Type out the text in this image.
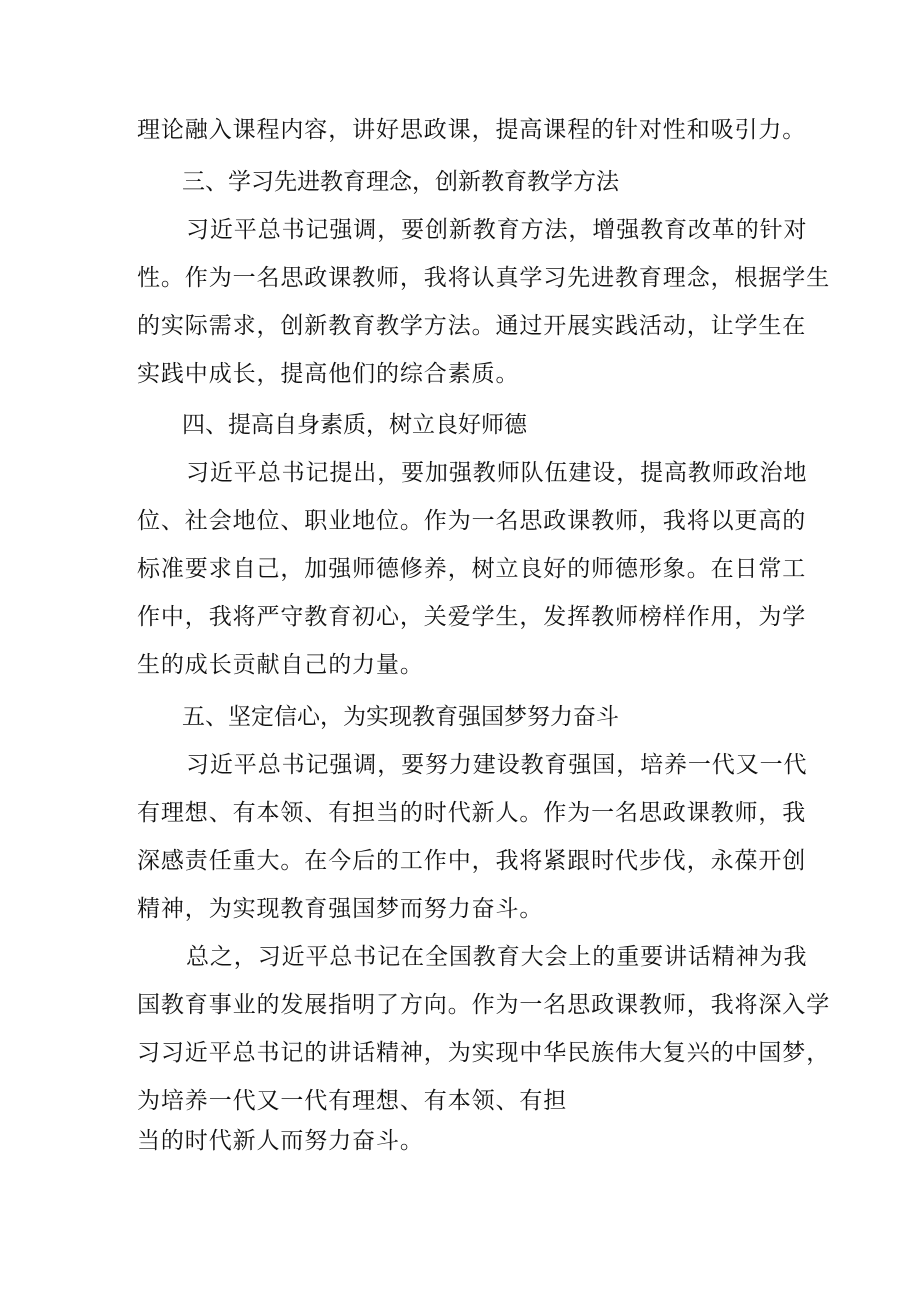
理论融入课程内容，讲好思政课，提高课程的针对性和吸引力。
三、学习先进教育理念，创新教育教学方法
习近平总书记强调，要创新教育方法，增强教育改革的针对
性。作为一名思政课教师，我将认真学习先进教育理念，根据学生
的实际需求，创新教育教学方法。通过开展实践活动，让学生在
实践中成长，提高他们的综合素质。
四、提高自身素质，树立良好师德
习近平总书记提出，要加强教师队伍建设，提高教师政治地
位、社会地位、职业地位。作为一名思政课教师，我将以更高的
标准要求自己，加强师德修养，树立良好的师德形象。在日常工
作中，我将严守教育初心，关爱学生，发挥教师榜样作用，为学
生的成长贡献自己的力量。
五、坚定信心，为实现教育强国梦努力奋斗
习近平总书记强调，要努力建设教育强国，培养一代又一代
有理想、有本领、有担当的时代新人。作为一名思政课教师，我
深感责任重大。在今后的工作中，我将紧跟时代步伐，永葆开创
精神，为实现教育强国梦而努力奋斗。
总之，习近平总书记在全国教育大会上的重要讲话精神为我
国教育事业的发展指明了方向。作为一名思政课教师，我将深入学
习习近平总书记的讲话精神，为实现中华民族伟大复兴的中国梦，
为培养一代又一代有理想、有本领、有担
当的时代新人而努力奋斗。
